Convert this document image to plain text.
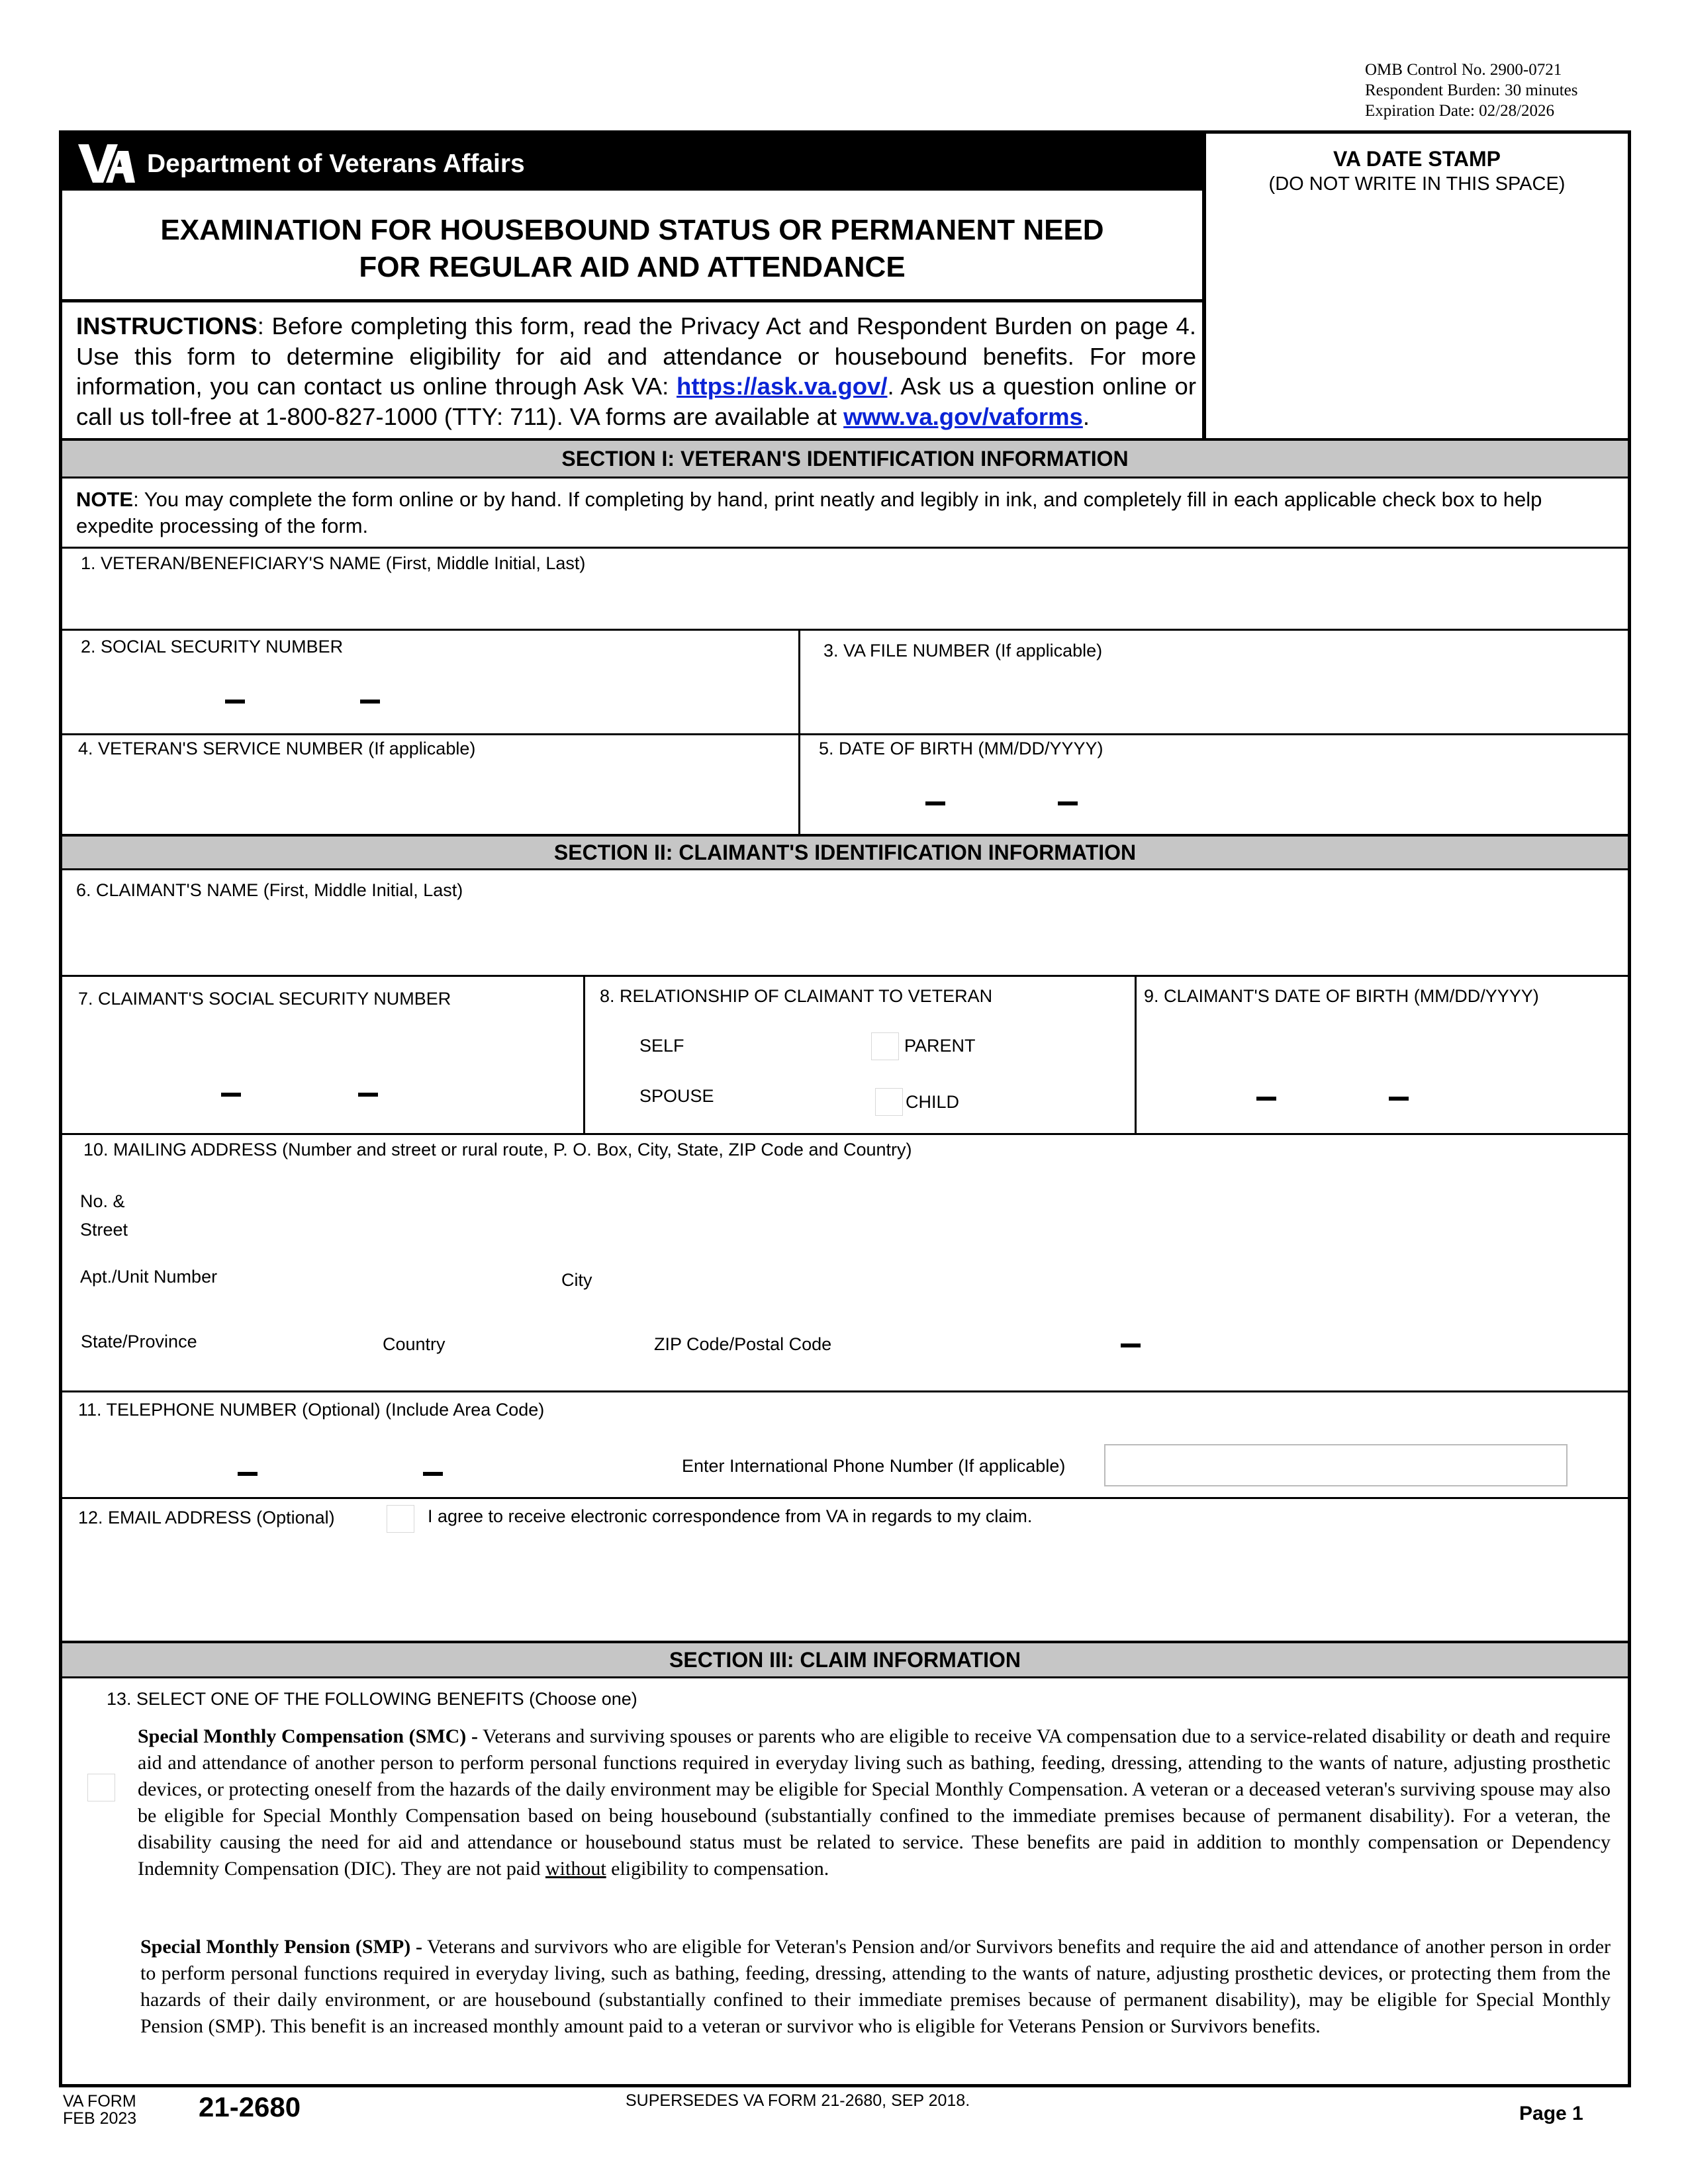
OMB Control No. 2900-0721
Respondent Burden: 30 minutes
Expiration Date: 02/28/2026
Department of Veterans Affairs	VA DATE STAMP
(DO NOT WRITE IN THIS SPACE)
EXAMINATION FOR HOUSEBOUND STATUS OR PERMANENT NEED
FOR REGULAR AID AND ATTENDANCE
INSTRUCTIONS: Before completing this form, read the Privacy Act and Respondent Burden on page 4. Use this form to determine eligibility for aid and attendance or housebound benefits. For more information, you can contact us online through Ask VA: https://ask.va.gov/. Ask us a question online or call us toll-free at 1-800-827-1000 (TTY: 711). VA forms are available at www.va.gov/vaforms.
SECTION I: VETERAN'S IDENTIFICATION INFORMATION
NOTE: You may complete the form online or by hand. If completing by hand, print neatly and legibly in ink, and completely fill in each applicable check box to help expedite processing of the form.
1. VETERAN/BENEFICIARY'S NAME (First, Middle Initial, Last)
2. SOCIAL SECURITY NUMBER	3. VA FILE NUMBER (If applicable)
4. VETERAN'S SERVICE NUMBER (If applicable)	5. DATE OF BIRTH (MM/DD/YYYY)
SECTION II: CLAIMANT'S IDENTIFICATION INFORMATION
6. CLAIMANT'S NAME (First, Middle Initial, Last)
7. CLAIMANT'S SOCIAL SECURITY NUMBER	8. RELATIONSHIP OF CLAIMANT TO VETERAN
SELF	PARENT
SPOUSE	CHILD
9. CLAIMANT'S DATE OF BIRTH (MM/DD/YYYY)
10. MAILING ADDRESS (Number and street or rural route, P. O. Box, City, State, ZIP Code and Country)
No. &
Street
Apt./Unit Number	City
State/Province	Country	ZIP Code/Postal Code
11. TELEPHONE NUMBER (Optional) (Include Area Code)
Enter International Phone Number (If applicable)
12. EMAIL ADDRESS (Optional)	I agree to receive electronic correspondence from VA in regards to my claim.
SECTION III: CLAIM INFORMATION
13. SELECT ONE OF THE FOLLOWING BENEFITS (Choose one)
Special Monthly Compensation (SMC) - Veterans and surviving spouses or parents who are eligible to receive VA compensation due to a service-related disability or death and require aid and attendance of another person to perform personal functions required in everyday living such as bathing, feeding, dressing, attending to the wants of nature, adjusting prosthetic devices, or protecting oneself from the hazards of the daily environment may be eligible for Special Monthly Compensation. A veteran or a deceased veteran's surviving spouse may also be eligible for Special Monthly Compensation based on being housebound (substantially confined to the immediate premises because of permanent disability). For a veteran, the disability causing the need for aid and attendance or housebound status must be related to service. These benefits are paid in addition to monthly compensation or Dependency Indemnity Compensation (DIC). They are not paid without eligibility to compensation.
Special Monthly Pension (SMP) - Veterans and survivors who are eligible for Veteran's Pension and/or Survivors benefits and require the aid and attendance of another person in order to perform personal functions required in everyday living, such as bathing, feeding, dressing, attending to the wants of nature, adjusting prosthetic devices, or protecting them from the hazards of their daily environment, or are housebound (substantially confined to their immediate premises because of permanent disability), may be eligible for Special Monthly Pension (SMP). This benefit is an increased monthly amount paid to a veteran or survivor who is eligible for Veterans Pension or Survivors benefits.
VA FORM
FEB 2023 21-2680	SUPERSEDES VA FORM 21-2680, SEP 2018.
Page 1
